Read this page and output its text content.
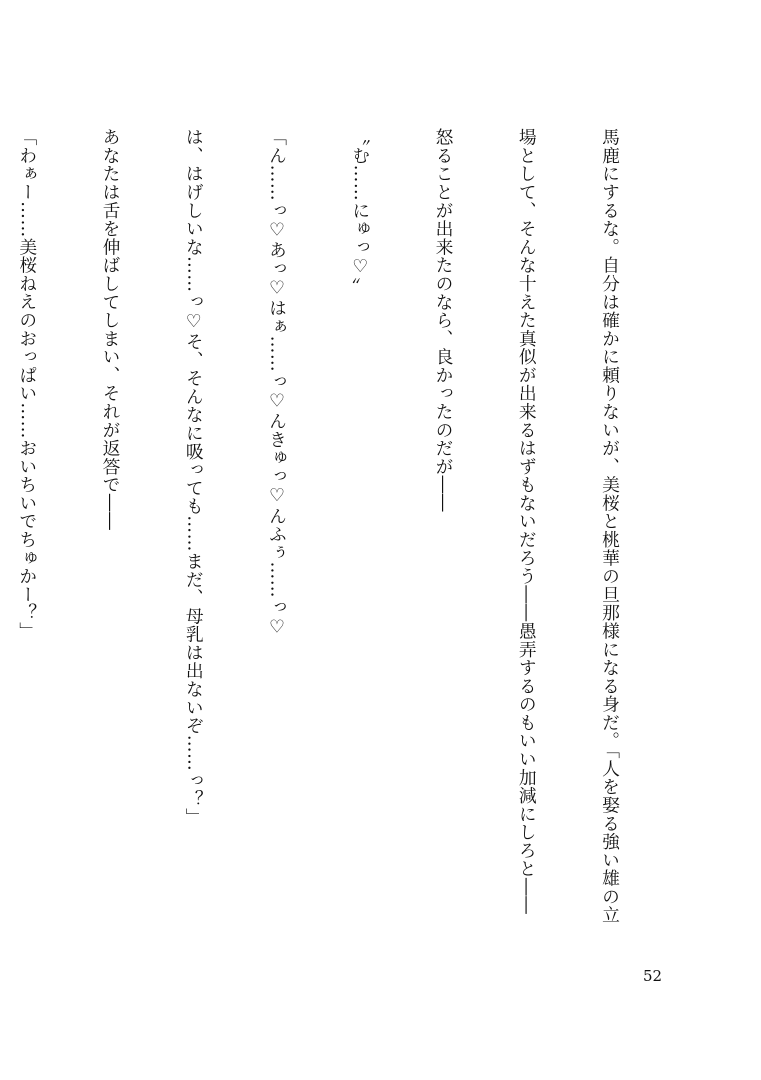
馬鹿にするな。自分は確かに頼りないが、美桜と桃華の旦那様になる身だ。「人を娶る強い雄の立

場として、そんな十えた真似が出来るはずもないだろう――愚弄するのもいい加減にしろと――

怒ることが出来たのなら、良かったのだが――

〝む……にゅっ♡〟

「ん……っ♡あっ♡はぁ……っ♡んきゅっ♡んふぅ……っ♡

は、はげしいな……っ♡そ、そんなに吸っても……まだ、母乳は出ないぞ……っ？」

あなたは舌を伸ばしてしまい、それが返答で――

「わぁー……美桜ねえのおっぱい……おいちいでちゅかー？」

52
